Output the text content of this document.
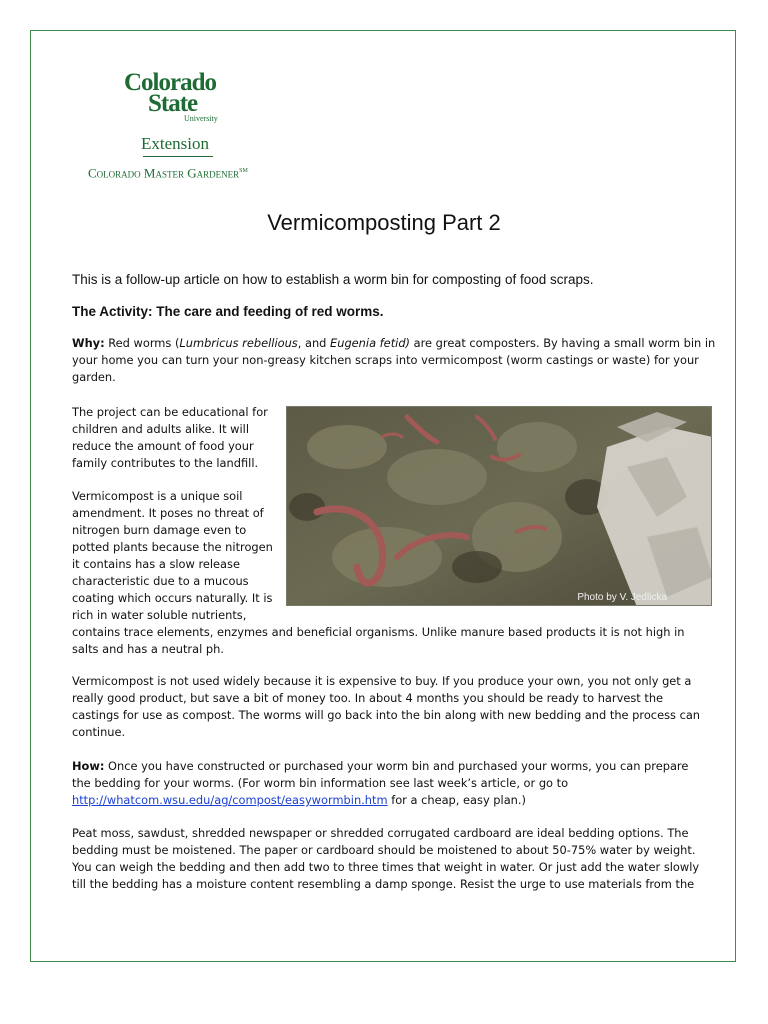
Colorado
State
University
Extension
Colorado Master Gardener℠
Vermicomposting Part 2
This is a follow-up article on how to establish a worm bin for composting of food scraps.
The Activity: The care and feeding of red worms.
Why: Red worms (Lumbricus rebellious, and Eugenia fetid) are great composters. By having a small worm bin in
your home you can turn your non-greasy kitchen scraps into vermicompost (worm castings or waste) for your
garden.
The project can be educational for
children and adults alike. It will
reduce the amount of food your
family contributes to the landfill.
Vermicompost is a unique soil
amendment. It poses no threat of
nitrogen burn damage even to
potted plants because the nitrogen
it contains has a slow release
characteristic due to a mucous
coating which occurs naturally. It is
rich in water soluble nutrients,
Photo by V. Jedlicka
contains trace elements, enzymes and beneficial organisms. Unlike manure based products it is not high in
salts and has a neutral ph.
Vermicompost is not used widely because it is expensive to buy. If you produce your own, you not only get a
really good product, but save a bit of money too. In about 4 months you should be ready to harvest the
castings for use as compost. The worms will go back into the bin along with new bedding and the process can
continue.
How: Once you have constructed or purchased your worm bin and purchased your worms, you can prepare
the bedding for your worms. (For worm bin information see last week’s article, or go to
http://whatcom.wsu.edu/ag/compost/easywormbin.htm for a cheap, easy plan.)
Peat moss, sawdust, shredded newspaper or shredded corrugated cardboard are ideal bedding options. The
bedding must be moistened. The paper or cardboard should be moistened to about 50-75% water by weight.
You can weigh the bedding and then add two to three times that weight in water. Or just add the water slowly
till the bedding has a moisture content resembling a damp sponge. Resist the urge to use materials from the
